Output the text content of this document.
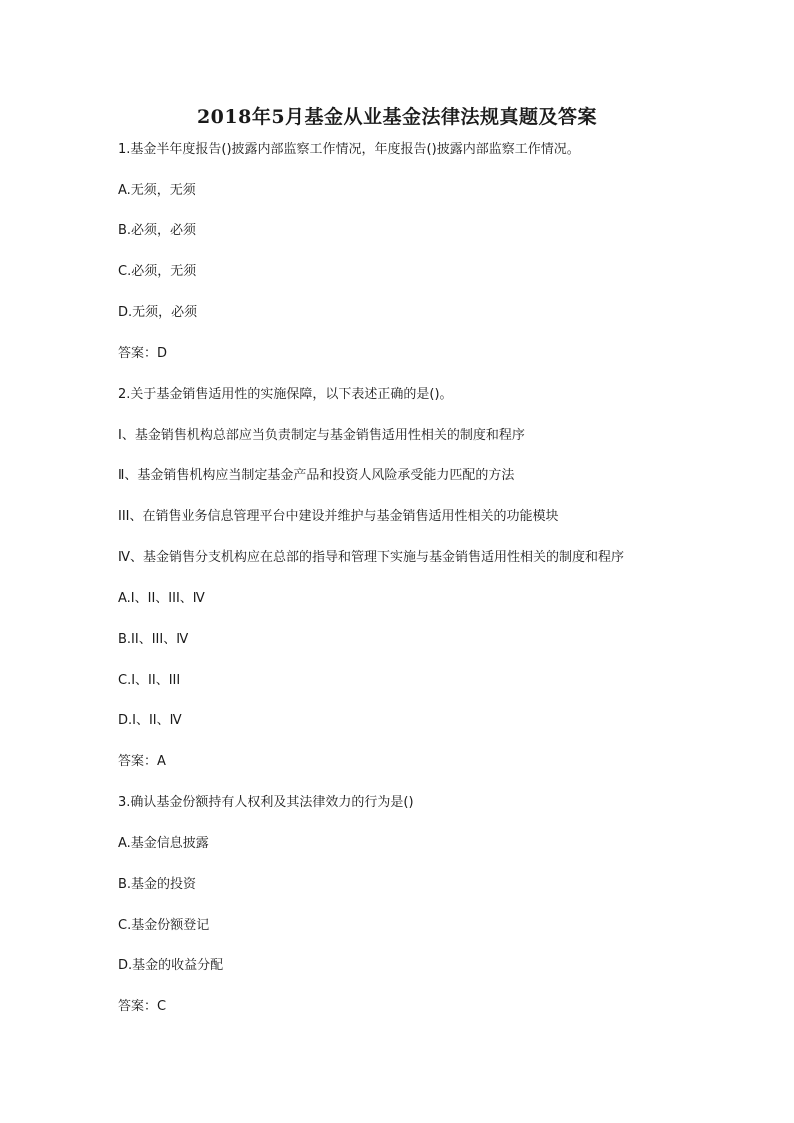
2018年5月基金从业基金法律法规真题及答案
1.基金半年度报告()披露内部监察工作情况，年度报告()披露内部监察工作情况。
A.无须，无须
B.必须，必须
C.必须，无须
D.无须，必须
答案：D
2.关于基金销售适用性的实施保障，以下表述正确的是()。
I、基金销售机构总部应当负责制定与基金销售适用性相关的制度和程序
Ⅱ、基金销售机构应当制定基金产品和投资人风险承受能力匹配的方法
III、在销售业务信息管理平台中建设并维护与基金销售适用性相关的功能模块
Ⅳ、基金销售分支机构应在总部的指导和管理下实施与基金销售适用性相关的制度和程序
A.I、II、III、Ⅳ
B.II、III、Ⅳ
C.I、II、III
D.I、II、Ⅳ
答案：A
3.确认基金份额持有人权利及其法律效力的行为是()
A.基金信息披露
B.基金的投资
C.基金份额登记
D.基金的收益分配
答案：C
